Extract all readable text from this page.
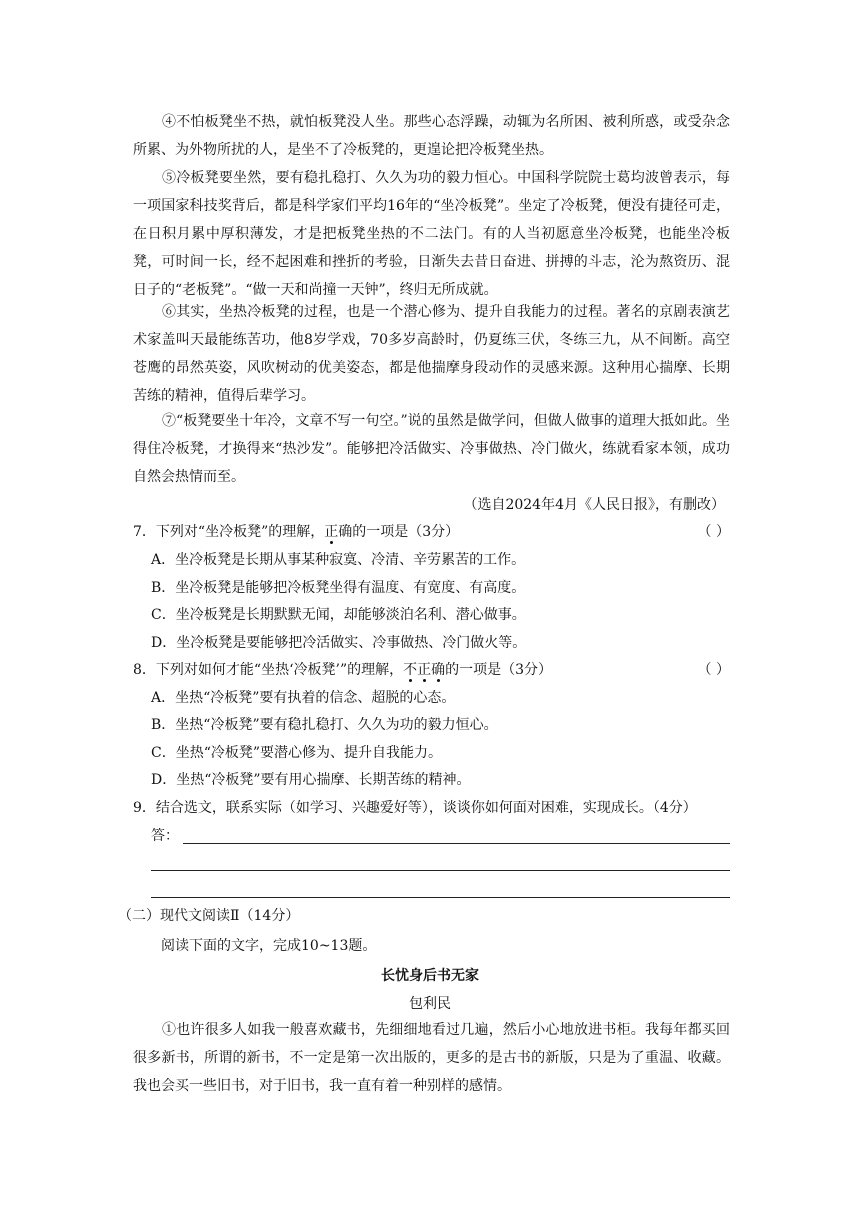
④不怕板凳坐不热，就怕板凳没人坐。那些心态浮躁，动辄为名所困、被利所惑，或受杂念所累、为外物所扰的人，是坐不了冷板凳的，更遑论把冷板凳坐热。

⑤冷板凳要坐然，要有稳扎稳打、久久为功的毅力恒心。中国科学院院士葛均波曾表示，每一项国家科技奖背后，都是科学家们平均16年的“坐冷板凳”。坐定了冷板凳，便没有捷径可走，在日积月累中厚积薄发，才是把板凳坐热的不二法门。有的人当初愿意坐冷板凳，也能坐冷板凳，可时间一长，经不起困难和挫折的考验，日渐失去昔日奋进、拼搏的斗志，沦为熬资历、混日子的“老板凳”。“做一天和尚撞一天钟”，终归无所成就。

⑥其实，坐热冷板凳的过程，也是一个潜心修为、提升自我能力的过程。著名的京剧表演艺术家盖叫天最能练苦功，他8岁学戏，70多岁高龄时，仍夏练三伏，冬练三九，从不间断。高空苍鹰的昂然英姿，风吹树动的优美姿态，都是他揣摩身段动作的灵感来源。这种用心揣摩、长期苦练的精神，值得后辈学习。

⑦“板凳要坐十年冷，文章不写一句空。”说的虽然是做学问，但做人做事的道理大抵如此。坐得住冷板凳，才换得来“热沙发”。能够把冷活做实、冷事做热、冷门做火，练就看家本领，成功自然会热情而至。

（选自2024年4月《人民日报》，有删改）
7．下列对“坐冷板凳”的理解，正确的一项是（3分）	（ ）
A．坐冷板凳是长期从事某种寂寞、冷清、辛劳累苦的工作。
B．坐冷板凳是能够把冷板凳坐得有温度、有宽度、有高度。
C．坐冷板凳是长期默默无闻，却能够淡泊名利、潜心做事。
D．坐冷板凳是要能够把冷活做实、冷事做热、冷门做火等。
8．下列对如何才能“坐热‘冷板凳’”的理解，不正确的一项是（3分）	（ ）
A．坐热“冷板凳”要有执着的信念、超脱的心态。
B．坐热“冷板凳”要有稳扎稳打、久久为功的毅力恒心。
C．坐热“冷板凳”要潜心修为、提升自我能力。
D．坐热“冷板凳”要有用心揣摩、长期苦练的精神。
9．结合选文，联系实际（如学习、兴趣爱好等），谈谈你如何面对困难，实现成长。（4分）
答：
（二）现代文阅读Ⅱ（14分）
阅读下面的文字，完成10~13题。
长忧身后书无家
包利民

①也许很多人如我一般喜欢藏书，先细细地看过几遍，然后小心地放进书柜。我每年都买回很多新书，所谓的新书，不一定是第一次出版的，更多的是古书的新版，只是为了重温、收藏。我也会买一些旧书，对于旧书，我一直有着一种别样的感情。
